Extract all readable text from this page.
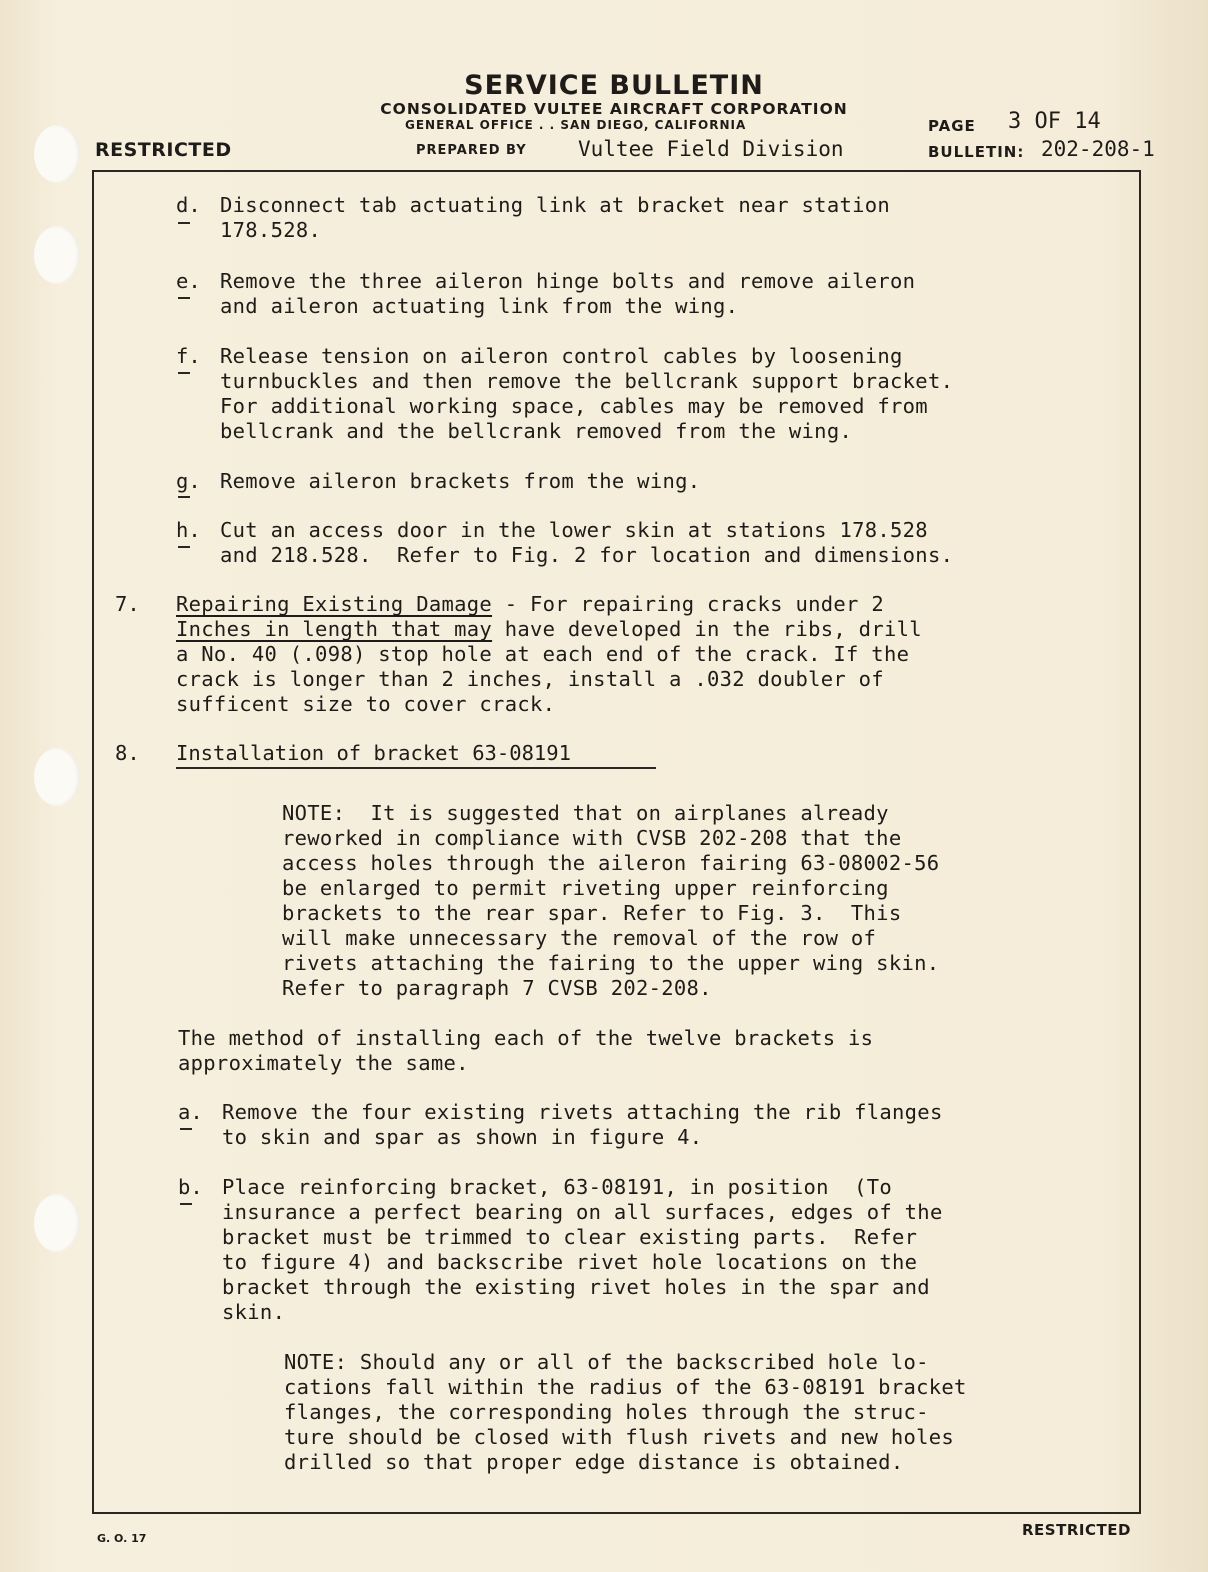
SERVICE BULLETIN
CONSOLIDATED VULTEE AIRCRAFT CORPORATION
GENERAL OFFICE . . SAN DIEGO, CALIFORNIA
RESTRICTED	PREPARED BY Vultee Field Division
PAGE 3 OF 14
BULLETIN: 202-208-1
d. Disconnect tab actuating link at bracket near station
178.528.
e. Remove the three aileron hinge bolts and remove aileron
and aileron actuating link from the wing.
f. Release tension on aileron control cables by loosening
turnbuckles and then remove the bellcrank support bracket.
For additional working space, cables may be removed from
bellcrank and the bellcrank removed from the wing.
g. Remove aileron brackets from the wing.
h. Cut an access door in the lower skin at stations 178.528
and 218.528.  Refer to Fig. 2 for location and dimensions.
7. Repairing Existing Damage - For repairing cracks under 2
Inches in length that may have developed in the ribs, drill
a No. 40 (.098) stop hole at each end of the crack. If the
crack is longer than 2 inches, install a .032 doubler of
sufficent size to cover crack.
8. Installation of bracket 63-08191
NOTE:  It is suggested that on airplanes already
reworked in compliance with CVSB 202-208 that the
access holes through the aileron fairing 63-08002-56
be enlarged to permit riveting upper reinforcing
brackets to the rear spar. Refer to Fig. 3.  This
will make unnecessary the removal of the row of
rivets attaching the fairing to the upper wing skin.
Refer to paragraph 7 CVSB 202-208.
The method of installing each of the twelve brackets is
approximately the same.
a. Remove the four existing rivets attaching the rib flanges
to skin and spar as shown in figure 4.
b. Place reinforcing bracket, 63-08191, in position  (To
insurance a perfect bearing on all surfaces, edges of the
bracket must be trimmed to clear existing parts.  Refer
to figure 4) and backscribe rivet hole locations on the
bracket through the existing rivet holes in the spar and
skin.
NOTE: Should any or all of the backscribed hole lo-
cations fall within the radius of the 63-08191 bracket
flanges, the corresponding holes through the struc-
ture should be closed with flush rivets and new holes
drilled so that proper edge distance is obtained.
G. O. 17	RESTRICTED
